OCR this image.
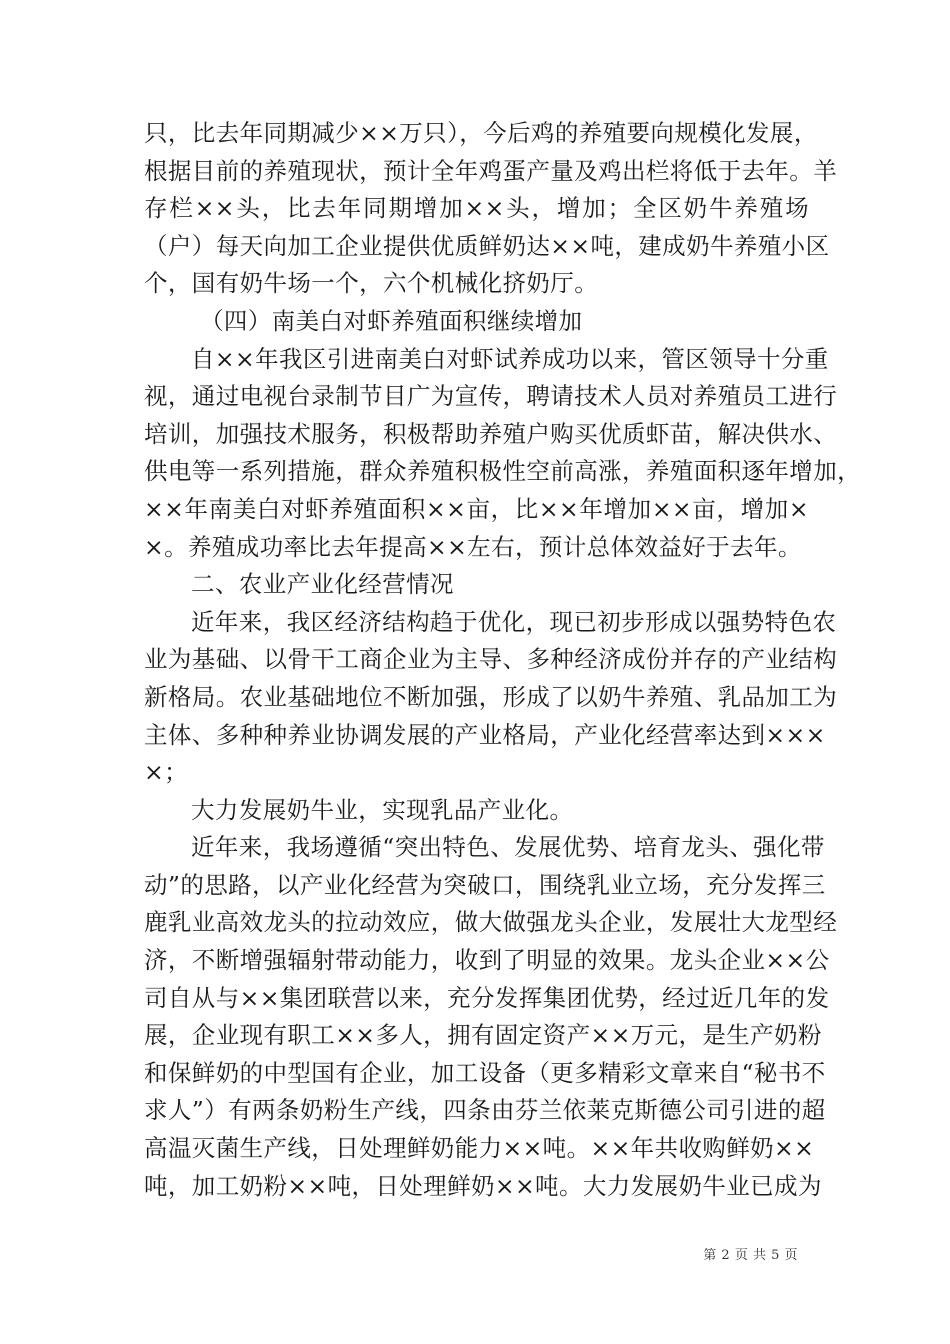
只，比去年同期减少××万只），今后鸡的养殖要向规模化发展，
根据目前的养殖现状，预计全年鸡蛋产量及鸡出栏将低于去年。羊
存栏××头，比去年同期增加××头，增加；全区奶牛养殖场
（户）每天向加工企业提供优质鲜奶达××吨，建成奶牛养殖小区
个，国有奶牛场一个，六个机械化挤奶厅。
（四）南美白对虾养殖面积继续增加
自××年我区引进南美白对虾试养成功以来，管区领导十分重
视，通过电视台录制节目广为宣传，聘请技术人员对养殖员工进行
培训，加强技术服务，积极帮助养殖户购买优质虾苗，解决供水、
供电等一系列措施，群众养殖积极性空前高涨，养殖面积逐年增加，
××年南美白对虾养殖面积××亩，比××年增加××亩，增加×
×。养殖成功率比去年提高××左右，预计总体效益好于去年。
二、农业产业化经营情况
近年来，我区经济结构趋于优化，现已初步形成以强势特色农
业为基础、以骨干工商企业为主导、多种经济成份并存的产业结构
新格局。农业基础地位不断加强，形成了以奶牛养殖、乳品加工为
主体、多种种养业协调发展的产业格局，产业化经营率达到×××
×；
大力发展奶牛业，实现乳品产业化。
近年来，我场遵循“突出特色、发展优势、培育龙头、强化带
动”的思路，以产业化经营为突破口，围绕乳业立场，充分发挥三
鹿乳业高效龙头的拉动效应，做大做强龙头企业，发展壮大龙型经
济，不断增强辐射带动能力，收到了明显的效果。龙头企业××公
司自从与××集团联营以来，充分发挥集团优势，经过近几年的发
展，企业现有职工××多人，拥有固定资产××万元，是生产奶粉
和保鲜奶的中型国有企业，加工设备（更多精彩文章来自“秘书不
求人”）有两条奶粉生产线，四条由芬兰依莱克斯德公司引进的超
高温灭菌生产线，日处理鲜奶能力××吨。××年共收购鲜奶××
吨，加工奶粉××吨，日处理鲜奶××吨。大力发展奶牛业已成为
第 2 页 共 5 页
